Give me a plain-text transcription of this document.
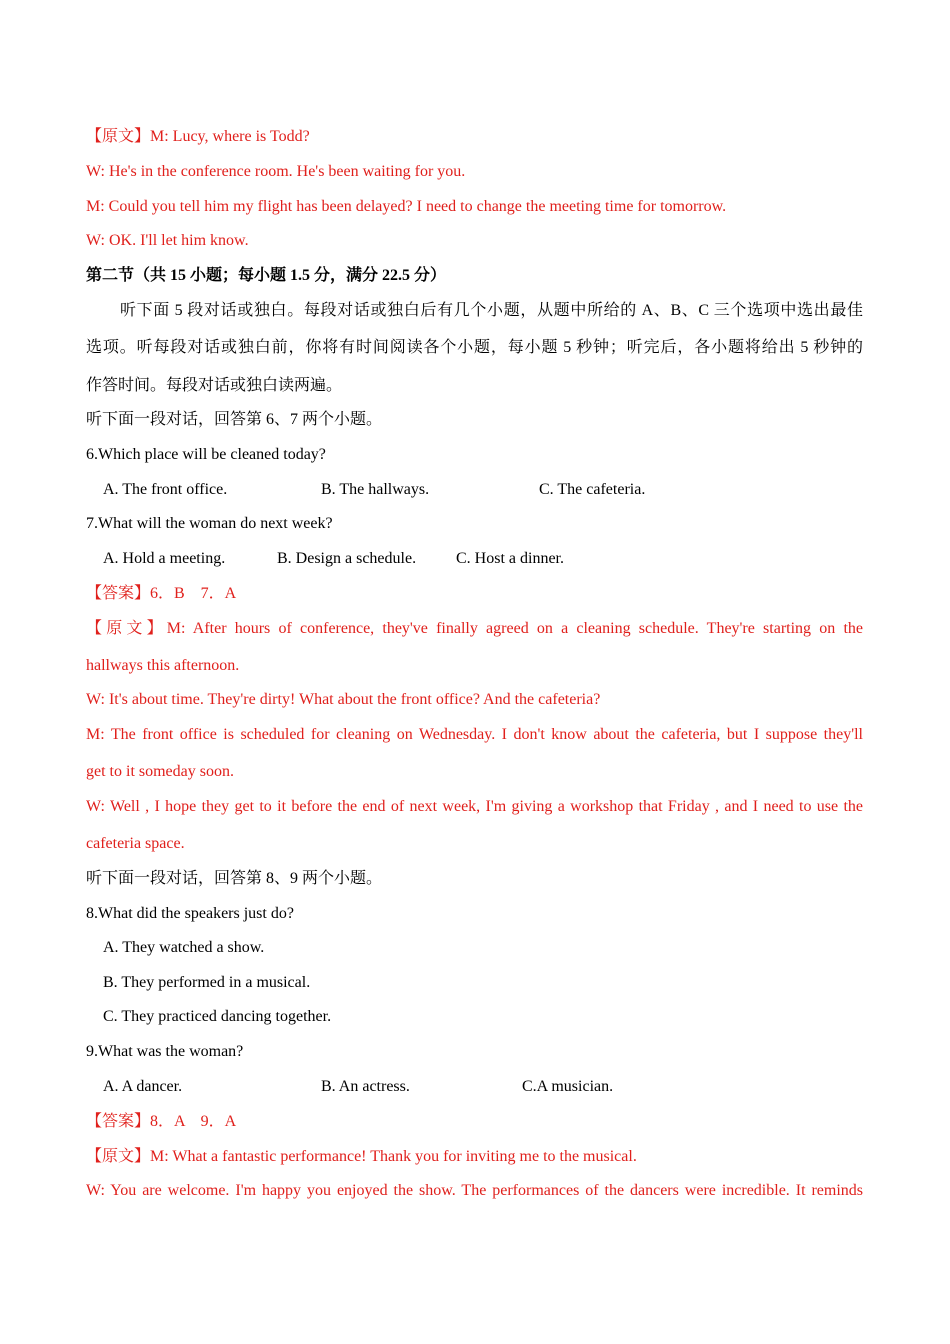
【原文】M: Lucy, where is Todd?
W: He's in the conference room. He's been waiting for you.
M: Could you tell him my flight has been delayed? I need to change the meeting time for tomorrow.
W: OK. I'll let him know.
第二节（共 15 小题；每小题 1.5 分，满分 22.5 分）
听下面 5 段对话或独白。每段对话或独白后有几个小题，从题中所给的 A、B、C 三个选项中选出最佳
选项。听每段对话或独白前，你将有时间阅读各个小题，每小题 5 秒钟；听完后，各小题将给出 5 秒钟的
作答时间。每段对话或独白读两遍。
听下面一段对话，回答第 6、7 两个小题。
6.Which place will be cleaned today?
A. The front office.	B. The hallways.	C. The cafeteria.
7.What will the woman do next week?
A. Hold a meeting.	B. Design a schedule. C. Host a dinner.
【答案】6．B　7．A
【原文】M: After hours of conference, they've finally agreed on a cleaning schedule. They're starting on the
hallways this afternoon.
W: It's about time. They're dirty! What about the front office? And the cafeteria?
M: The front office is scheduled for cleaning on Wednesday. I don't know about the cafeteria, but I suppose they'll
get to it someday soon.
W: Well , I hope they get to it before the end of next week, I'm giving a workshop that Friday , and I need to use the
cafeteria space.
听下面一段对话，回答第 8、9 两个小题。
8.What did the speakers just do?
A. They watched a show.
B. They performed in a musical.
C. They practiced dancing together.
9.What was the woman?
A. A dancer.	B. An actress.	C.A musician.
【答案】8．A　9．A
【原文】M: What a fantastic performance! Thank you for inviting me to the musical.
W: You are welcome. I'm happy you enjoyed the show. The performances of the dancers were incredible. It reminds
